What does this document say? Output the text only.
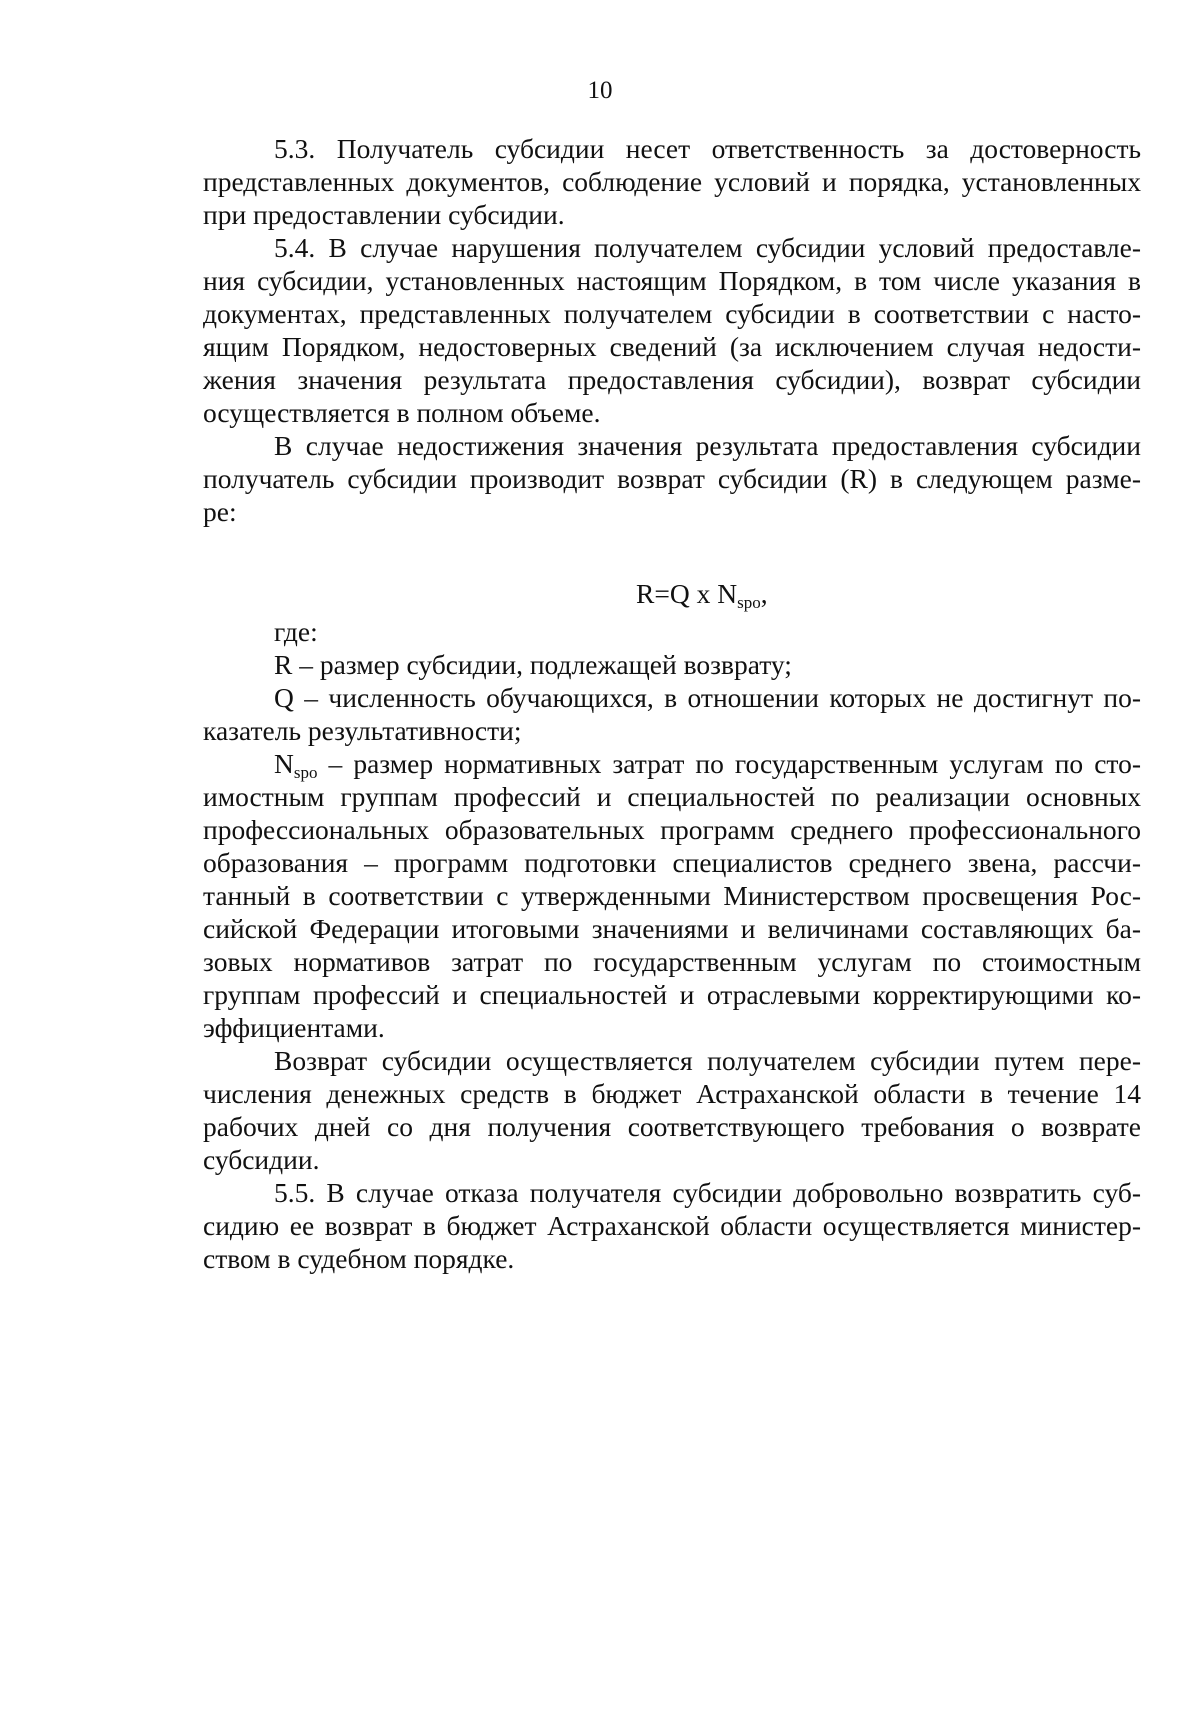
10
5.3. Получатель субсидии несет ответственность за достоверность
представленных документов, соблюдение условий и порядка, установленных
при предоставлении субсидии.
5.4. В случае нарушения получателем субсидии условий предоставле-
ния субсидии, установленных настоящим Порядком, в том числе указания в
документах, представленных получателем субсидии в соответствии с насто-
ящим Порядком, недостоверных сведений (за исключением случая недости-
жения значения результата предоставления субсидии), возврат субсидии
осуществляется в полном объеме.
В случае недостижения значения результата предоставления субсидии
получатель субсидии производит возврат субсидии (R) в следующем разме-
ре:
R=Q x $N_{spo}$,
где:
R – размер субсидии, подлежащей возврату;
Q – численность обучающихся, в отношении которых не достигнут по-
казатель результативности;
Nspo – размер нормативных затрат по государственным услугам по сто-
имостным группам профессий и специальностей по реализации основных
профессиональных образовательных программ среднего профессионального
образования – программ подготовки специалистов среднего звена, рассчи-
танный в соответствии с утвержденными Министерством просвещения Рос-
сийской Федерации итоговыми значениями и величинами составляющих ба-
зовых нормативов затрат по государственным услугам по стоимостным
группам профессий и специальностей и отраслевыми корректирующими ко-
эффициентами.
Возврат субсидии осуществляется получателем субсидии путем пере-
числения денежных средств в бюджет Астраханской области в течение 14
рабочих дней со дня получения соответствующего требования о возврате
субсидии.
5.5. В случае отказа получателя субсидии добровольно возвратить суб-
сидию ее возврат в бюджет Астраханской области осуществляется министер-
ством в судебном порядке.
